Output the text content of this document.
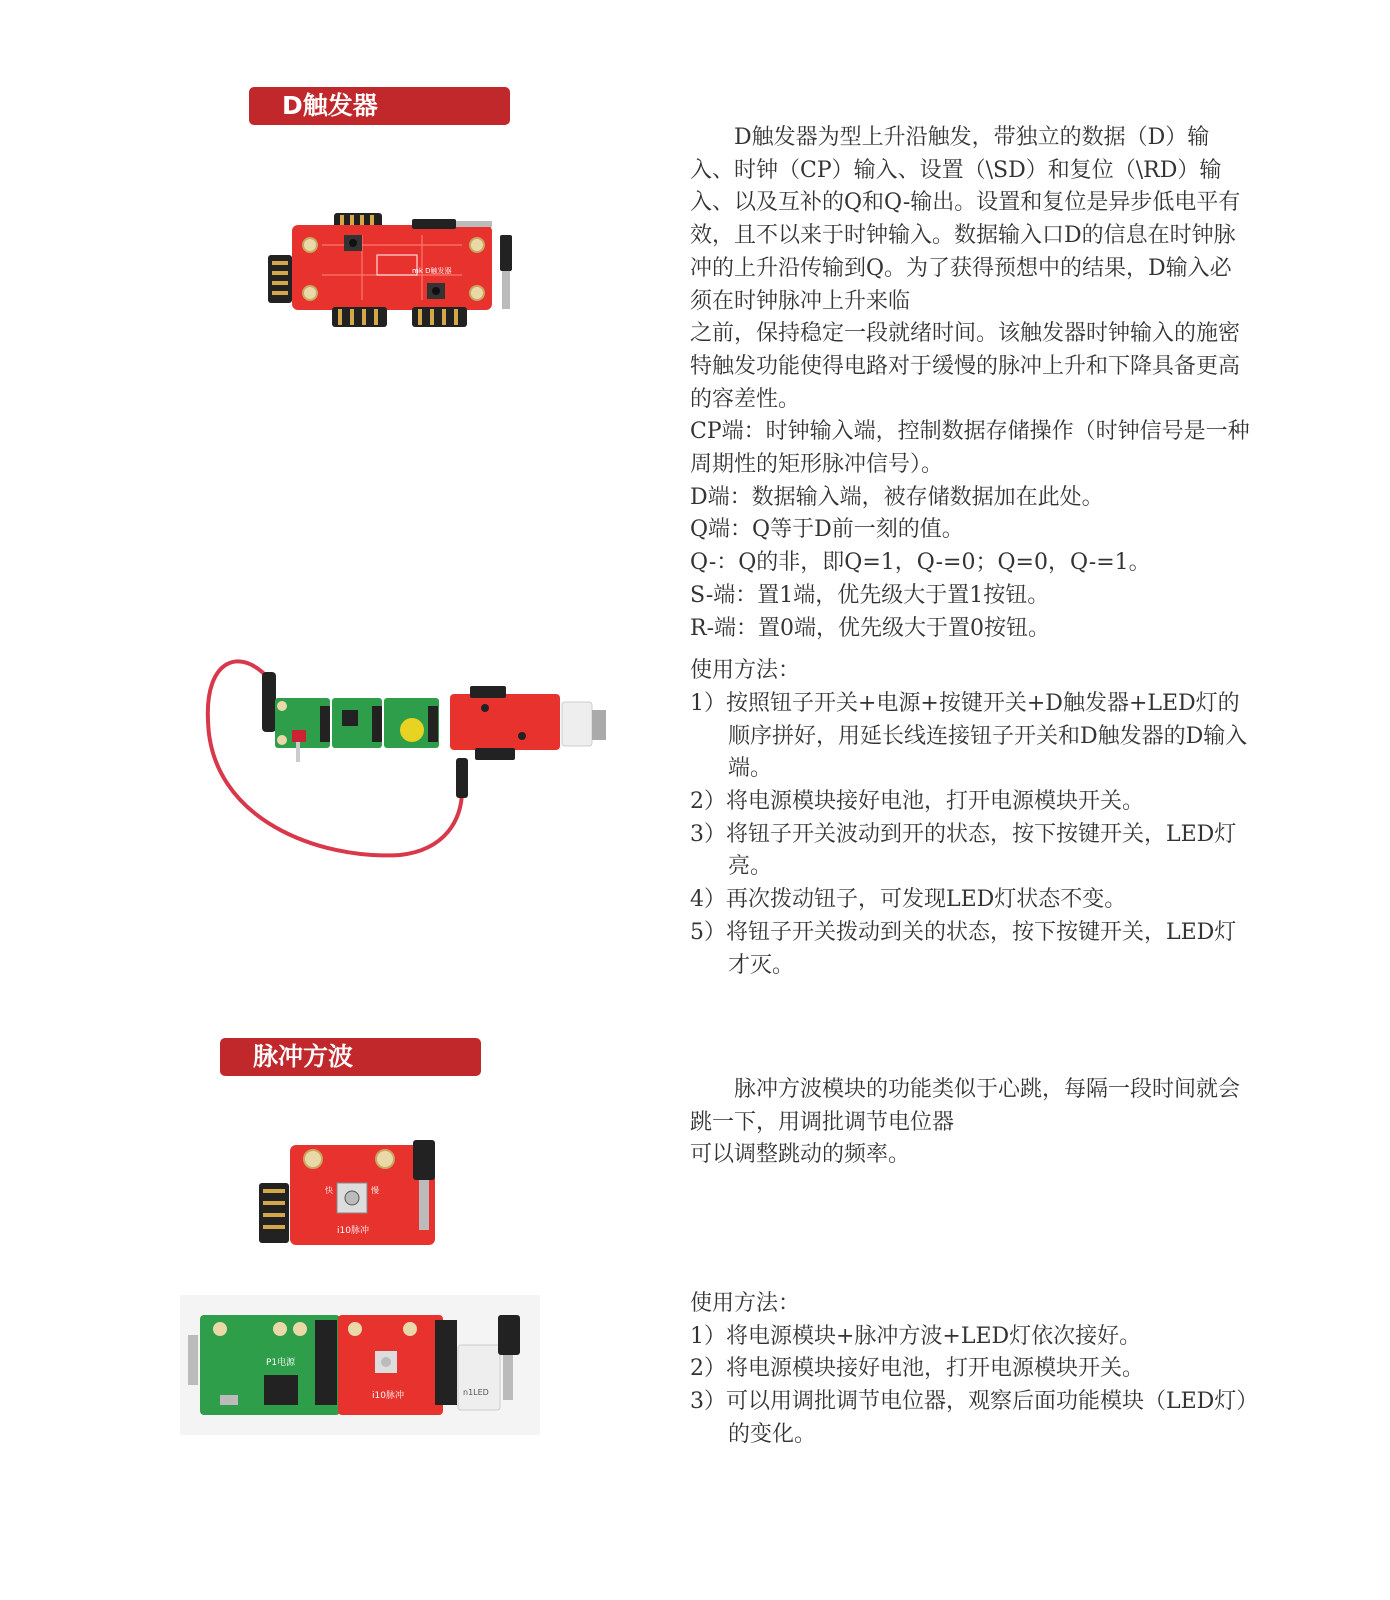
D触发器
mk D触发器

D触发器为型上升沿触发，带独立的数据（D）输入、时钟（CP）输入、设置（\SD）和复位（\RD）输入、以及互补的Q和Q-输出。设置和复位是异步低电平有效，且不以来于时钟输入。数据输入口D的信息在时钟脉冲的上升沿传输到Q。为了获得预想中的结果，D输入必须在时钟脉冲上升来临

之前，保持稳定一段就绪时间。该触发器时钟输入的施密特触发功能使得电路对于缓慢的脉冲上升和下降具备更高的容差性。

CP端：时钟输入端，控制数据存储操作（时钟信号是一种周期性的矩形脉冲信号）。

D端：数据输入端，被存储数据加在此处。

Q端：Q等于D前一刻的值。

Q-：Q的非，即Q=1，Q-=0；Q=0，Q-=1。

S-端：置1端，优先级大于置1按钮。

R-端：置0端，优先级大于置0按钮。

使用方法：

1）按照钮子开关+电源+按键开关+D触发器+LED灯的顺序拼好，用延长线连接钮子开关和D触发器的D输入端。

2）将电源模块接好电池，打开电源模块开关。

3）将钮子开关波动到开的状态，按下按键开关，LED灯亮。

4）再次拨动钮子，可发现LED灯状态不变。

5）将钮子开关拨动到关的状态，按下按键开关，LED灯才灭。

脉冲方波

脉冲方波模块的功能类似于心跳，每隔一段时间就会跳一下，用调批调节电位器

可以调整跳动的频率。

快	慢
i10脉冲
P1电源
i10脉冲	n1LED

使用方法：

1）将电源模块+脉冲方波+LED灯依次接好。

2）将电源模块接好电池，打开电源模块开关。

3）可以用调批调节电位器，观察后面功能模块（LED灯）的变化。
